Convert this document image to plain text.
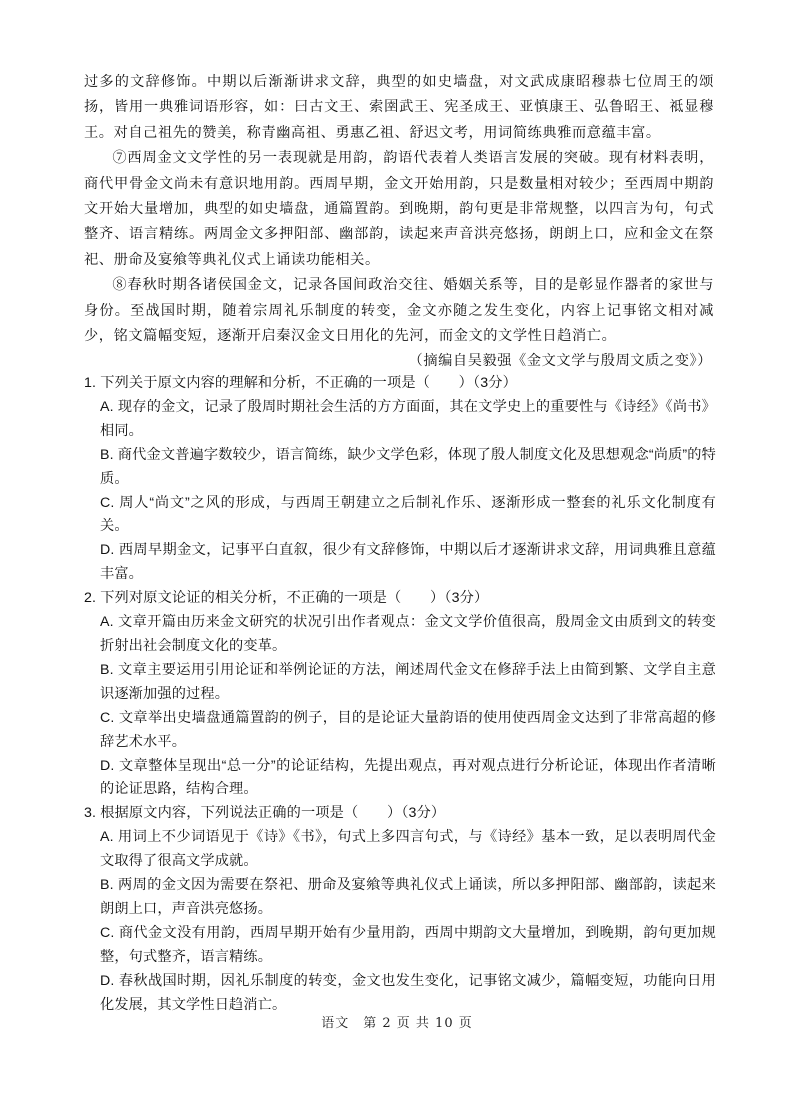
过多的文辞修饰。中期以后渐渐讲求文辞，典型的如史墙盘，对文武成康昭穆恭七位周王的颂扬，皆用一典雅词语形容，如：曰古文王、索圉武王、宪圣成王、亚慎康王、弘鲁昭王、祗显穆王。对自己祖先的赞美，称青幽高祖、勇惠乙祖、舒迟文考，用词简练典雅而意蕴丰富。

⑦西周金文文学性的另一表现就是用韵，韵语代表着人类语言发展的突破。现有材料表明，商代甲骨金文尚未有意识地用韵。西周早期，金文开始用韵，只是数量相对较少；至西周中期韵文开始大量增加，典型的如史墙盘，通篇置韵。到晚期，韵句更是非常规整，以四言为句，句式整齐、语言精练。两周金文多押阳部、幽部韵，读起来声音洪亮悠扬，朗朗上口，应和金文在祭祀、册命及宴飨等典礼仪式上诵读功能相关。

⑧春秋时期各诸侯国金文，记录各国间政治交往、婚姻关系等，目的是彰显作器者的家世与身份。至战国时期，随着宗周礼乐制度的转变，金文亦随之发生变化，内容上记事铭文相对减少，铭文篇幅变短，逐渐开启秦汉金文日用化的先河，而金文的文学性日趋消亡。

（摘编自吴毅强《金文文学与殷周文质之变》）

1. 下列关于原文内容的理解和分析，不正确的一项是（　　）（3分）

A. 现存的金文，记录了殷周时期社会生活的方方面面，其在文学史上的重要性与《诗经》《尚书》相同。

B. 商代金文普遍字数较少，语言简练，缺少文学色彩，体现了殷人制度文化及思想观念“尚质”的特质。

C. 周人“尚文”之风的形成，与西周王朝建立之后制礼作乐、逐渐形成一整套的礼乐文化制度有关。

D. 西周早期金文，记事平白直叙，很少有文辞修饰，中期以后才逐渐讲求文辞，用词典雅且意蕴丰富。

2. 下列对原文论证的相关分析，不正确的一项是（　　）（3分）

A. 文章开篇由历来金文研究的状况引出作者观点：金文文学价值很高，殷周金文由质到文的转变折射出社会制度文化的变革。

B. 文章主要运用引用论证和举例论证的方法，阐述周代金文在修辞手法上由简到繁、文学自主意识逐渐加强的过程。

C. 文章举出史墙盘通篇置韵的例子，目的是论证大量韵语的使用使西周金文达到了非常高超的修辞艺术水平。

D. 文章整体呈现出“总一分”的论证结构，先提出观点，再对观点进行分析论证，体现出作者清晰的论证思路，结构合理。

3. 根据原文内容，下列说法正确的一项是（　　）（3分）

A. 用词上不少词语见于《诗》《书》，句式上多四言句式，与《诗经》基本一致，足以表明周代金文取得了很高文学成就。

B. 两周的金文因为需要在祭祀、册命及宴飨等典礼仪式上诵读，所以多押阳部、幽部韵，读起来朗朗上口，声音洪亮悠扬。

C. 商代金文没有用韵，西周早期开始有少量用韵，西周中期韵文大量增加，到晚期，韵句更加规整，句式整齐，语言精练。

D. 春秋战国时期，因礼乐制度的转变，金文也发生变化，记事铭文减少，篇幅变短，功能向日用化发展，其文学性日趋消亡。

语文　第 2 页 共 10 页
